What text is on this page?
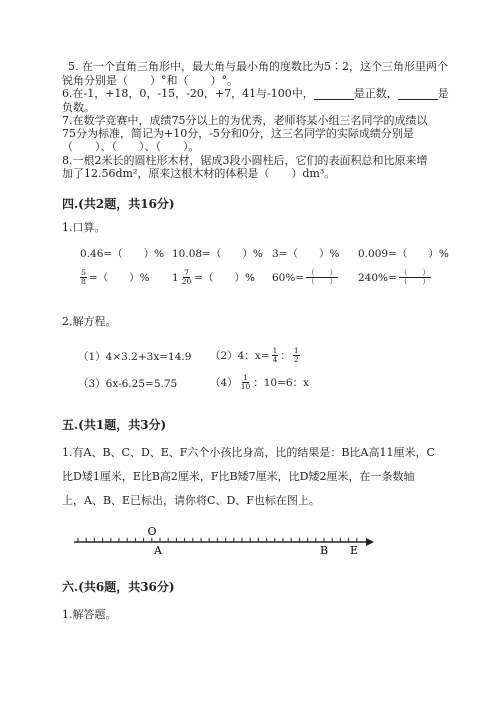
5. 在一个直角三角形中，最大角与最小角的度数比为5∶2，这个三角形里两个
锐角分别是（　　）°和（　　）°。
6.在-1，+18，0，-15，-20，+7，41与-100中，	是正数，	是
负数。
7.在数学竞赛中，成绩75分以上的为优秀，老师将某小组三名同学的成绩以
75分为标准，简记为+10分，-5分和0分，这三名同学的实际成绩分别是
（　　）、（　　）、（　　）。
8.一根2米长的圆柱形木材，锯成3段小圆柱后，它们的表面积总和比原来增
加了12.56dm²，原来这根木材的体积是（　　）dm³。
四.(共2题，共16分)
1.口算。
0.46=（　　）% 10.08=（　　）% 3=（　　）% 0.009=（　　）%
$\frac{5}{8}$ =（　　）% $1 \frac{7}{20}$ =（　　）% $60\%= \frac{( )}{( )} 240\%= \frac{( )}{( )}$
2.解方程。
（1）4×3.2+3x=14.9 （2）4：$x= \frac{1}{4}$ ： $\frac{1}{2}$
（3）6x-6.25=5.75	$(4) \frac{1}{10}$ ：10=6：x
五.(共1题，共3分)
1.有A、B、C、D、E、F六个小孩比身高，比的结果是：B比A高11厘米，C
比D矮1厘米，E比B高2厘米，F比B矮7厘米，比D矮2厘米，在一条数轴
上，A、B、E已标出，请你将C、D、F也标在图上。
O
A	B E
六.(共6题，共36分)
1.解答题。
